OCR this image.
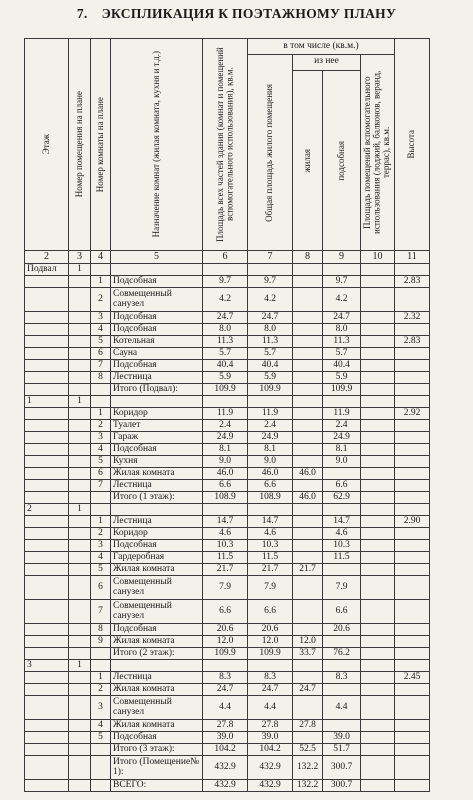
7. ЭКСПЛИКАЦИЯ К ПОЭТАЖНОМУ ПЛАНУ
Этаж	Номер помещения на плане	Номер комнаты на плане	Назначение комнат (жилая комната, кухня и т.д.)	Площадь всех частей здания (комнат и помещений вспомогательного использования), кв.м.	в том числе (кв.м.)				Высота

					Общая площадь жилого помещения	из нее		Площадь помещений вспомогательного использования (лоджий, балконов, веранд, террас), кв.м.	

						жилая	подсобная		

2	3	4	5	6	7	8	9	10	11
Подвал	1								
		1	Подсобная	9.7	9.7		9.7		2.83
		2	Совмещенный санузел	4.2	4.2		4.2		
		3	Подсобная	24.7	24.7		24.7		2.32
		4	Подсобная	8.0	8.0		8.0		
		5	Котельная	11.3	11.3		11.3		2.83
		6	Сауна	5.7	5.7		5.7		
		7	Подсобная	40.4	40.4		40.4		
		8	Лестница	5.9	5.9		5.9		
			Итого (Подвал):	109.9	109.9		109.9		
1	1								
		1	Коридор	11.9	11.9		11.9		2.92
		2	Туалет	2.4	2.4		2.4		
		3	Гараж	24.9	24.9		24.9		
		4	Подсобная	8.1	8.1		8.1		
		5	Кухня	9.0	9.0		9.0		
		6	Жилая комната	46.0	46.0	46.0			
		7	Лестница	6.6	6.6		6.6		
			Итого (1 этаж):	108.9	108.9	46.0	62.9		
2	1								
		1	Лестница	14.7	14.7		14.7		2.90
		2	Коридор	4.6	4.6		4.6		
		3	Подсобная	10.3	10.3		10.3		
		4	Гардеробная	11.5	11.5		11.5		
		5	Жилая комната	21.7	21.7	21.7			
		6	Совмещенный санузел	7.9	7.9		7.9		
		7	Совмещенный санузел	6.6	6.6		6.6		
		8	Подсобная	20.6	20.6		20.6		
		9	Жилая комната	12.0	12.0	12.0			
			Итого (2 этаж):	109.9	109.9	33.7	76.2		
3	1								
		1	Лестница	8.3	8.3		8.3		2.45
		2	Жилая комната	24.7	24.7	24.7			
		3	Совмещенный санузел	4.4	4.4		4.4		
		4	Жилая комната	27.8	27.8	27.8			
		5	Подсобная	39.0	39.0		39.0		
			Итого (3 этаж):	104.2	104.2	52.5	51.7		
			Итого (Помещение№ 1):	432.9	432.9	132.2	300.7		
			ВСЕГО:	432.9	432.9	132.2	300.7		
